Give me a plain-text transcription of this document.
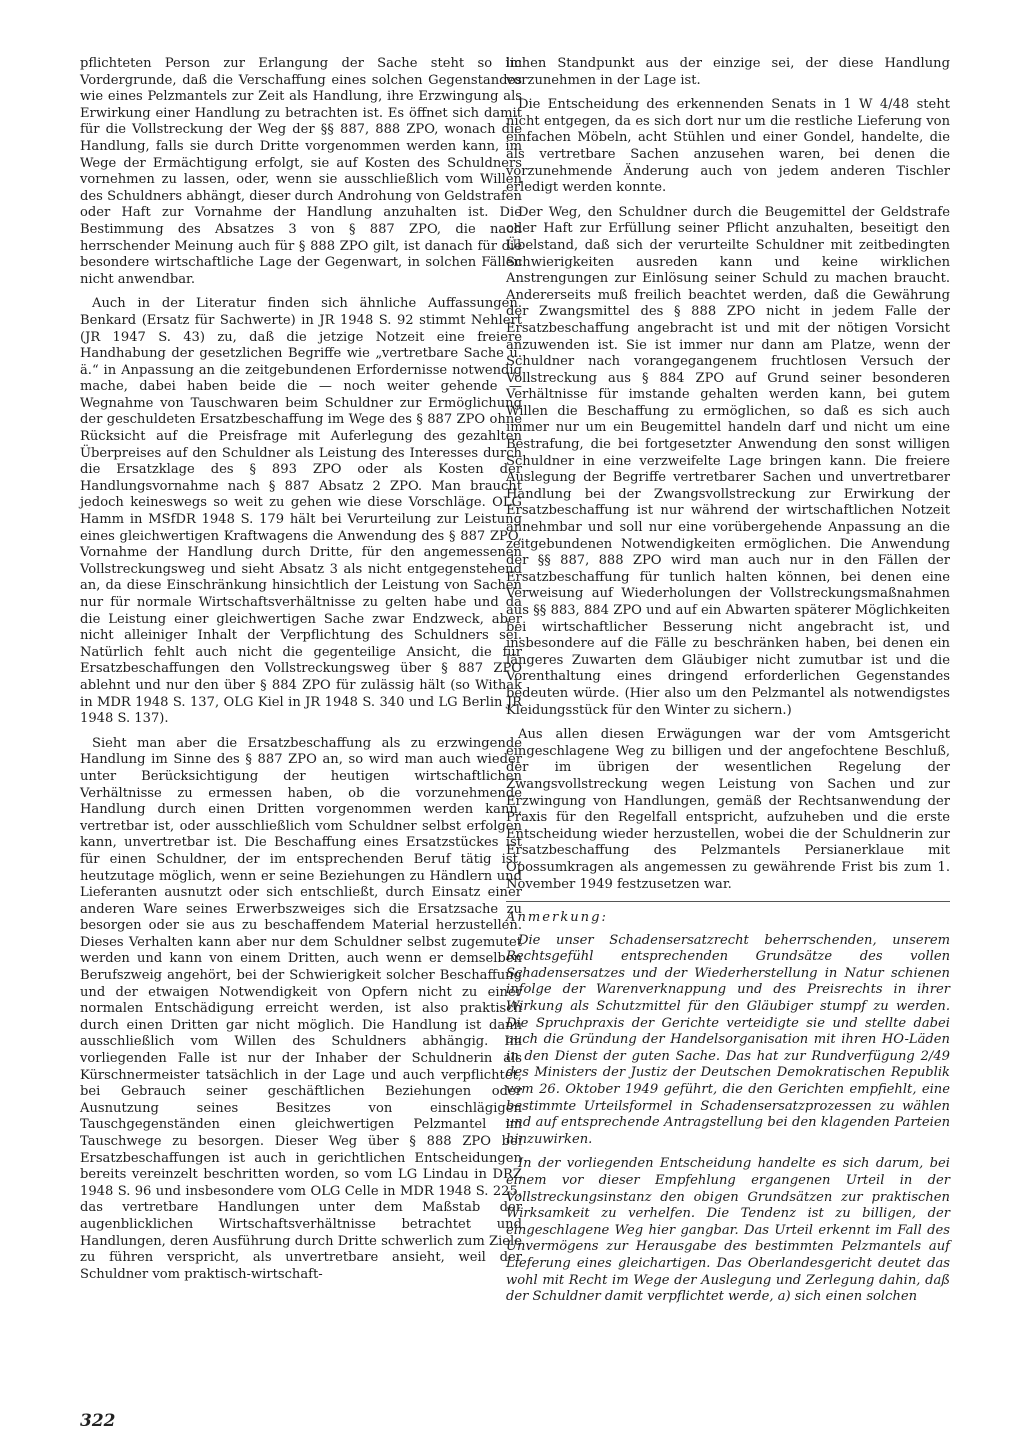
pflichteten Person zur Erlangung der Sache steht so im Vordergrunde, daß die Verschaffung eines solchen Gegenstandes wie eines Pelzmantels zur Zeit als Handlung, ihre Erzwingung als Erwirkung einer Handlung zu betrachten ist. Es öffnet sich damit für die Vollstreckung der Weg der §§ 887, 888 ZPO, wonach die Handlung, falls sie durch Dritte vorgenommen werden kann, im Wege der Ermächtigung erfolgt, sie auf Kosten des Schuldners vornehmen zu lassen, oder, wenn sie ausschließlich vom Willen des Schuldners abhängt, dieser durch Androhung von Geldstrafen oder Haft zur Vornahme der Handlung anzuhalten ist. Die Bestimmung des Absatzes 3 von § 887 ZPO, die nach herrschender Meinung auch für § 888 ZPO gilt, ist danach für die besondere wirtschaftliche Lage der Gegenwart, in solchen Fällen nicht anwendbar.

Auch in der Literatur finden sich ähnliche Auffassungen. Benkard (Ersatz für Sachwerte) in JR 1948 S. 92 stimmt Nehlert (JR 1947 S. 43) zu, daß die jetzige Notzeit eine freiere Handhabung der gesetzlichen Begriffe wie „vertretbare Sache u. ä.“ in Anpassung an die zeitgebundenen Erfordernisse notwendig mache, dabei haben beide die — noch weiter gehende — Wegnahme von Tauschwaren beim Schuldner zur Ermöglichung der geschuldeten Ersatzbeschaffung im Wege des § 887 ZPO ohne Rücksicht auf die Preisfrage mit Auferlegung des gezahlten Überpreises auf den Schuldner als Leistung des Interesses durch die Ersatzklage des § 893 ZPO oder als Kosten der Handlungsvornahme nach § 887 Absatz 2 ZPO. Man braucht jedoch keineswegs so weit zu gehen wie diese Vorschläge. OLG Hamm in MSfDR 1948 S. 179 hält bei Verurteilung zur Leistung eines gleichwertigen Kraftwagens die Anwendung des § 887 ZPO, Vornahme der Handlung durch Dritte, für den angemessenen Vollstreckungsweg und sieht Absatz 3 als nicht entgegenstehend an, da diese Einschränkung hinsichtlich der Leistung von Sachen nur für normale Wirtschaftsverhältnisse zu gelten habe und da die Leistung einer gleichwertigen Sache zwar Endzweck, aber nicht alleiniger Inhalt der Verpflichtung des Schuldners sei. Natürlich fehlt auch nicht die gegenteilige Ansicht, die für Ersatzbeschaffungen den Vollstreckungsweg über § 887 ZPO ablehnt und nur den über § 884 ZPO für zulässig hält (so Withak in MDR 1948 S. 137, OLG Kiel in JR 1948 S. 340 und LG Berlin JR 1948 S. 137).

Sieht man aber die Ersatzbeschaffung als zu erzwingende Handlung im Sinne des § 887 ZPO an, so wird man auch wieder unter Berücksichtigung der heutigen wirtschaftlichen Verhältnisse zu ermessen haben, ob die vorzunehmende Handlung durch einen Dritten vorgenommen werden kann, vertretbar ist, oder ausschließlich vom Schuldner selbst erfolgen kann, unvertretbar ist. Die Beschaffung eines Ersatzstückes ist für einen Schuldner, der im entsprechenden Beruf tätig ist, heutzutage möglich, wenn er seine Beziehungen zu Händlern und Lieferanten ausnutzt oder sich entschließt, durch Einsatz einer anderen Ware seines Erwerbszweiges sich die Ersatzsache zu besorgen oder sie aus zu beschaffendem Material herzustellen. Dieses Verhalten kann aber nur dem Schuldner selbst zugemutet werden und kann von einem Dritten, auch wenn er demselben Berufszweig angehört, bei der Schwierigkeit solcher Beschaffung und der etwaigen Notwendigkeit von Opfern nicht zu einer normalen Entschädigung erreicht werden, ist also praktisch durch einen Dritten gar nicht möglich. Die Handlung ist dann ausschließlich vom Willen des Schuldners abhängig. Im vorliegenden Falle ist nur der Inhaber der Schuldnerin als Kürschnermeister tatsächlich in der Lage und auch verpflichtet, bei Gebrauch seiner geschäftlichen Beziehungen oder Ausnutzung seines Besitzes von einschlägigen Tauschgegenständen einen gleichwertigen Pelzmantel im Tauschwege zu besorgen. Dieser Weg über § 888 ZPO bei Ersatzbeschaffungen ist auch in gerichtlichen Entscheidungen bereits vereinzelt beschritten worden, so vom LG Lindau in DRZ 1948 S. 96 und insbesondere vom OLG Celle in MDR 1948 S. 225, das vertretbare Handlungen unter dem Maßstab der augenblicklichen Wirtschaftsverhältnisse betrachtet und Handlungen, deren Ausführung durch Dritte schwerlich zum Ziele zu führen verspricht, als unvertretbare ansieht, weil der Schuldner vom praktisch-wirtschaft-

lichen Standpunkt aus der einzige sei, der diese Handlung vorzunehmen in der Lage ist.

Die Entscheidung des erkennenden Senats in 1 W 4/48 steht nicht entgegen, da es sich dort nur um die restliche Lieferung von einfachen Möbeln, acht Stühlen und einer Gondel, handelte, die als vertretbare Sachen anzusehen waren, bei denen die vorzunehmende Änderung auch von jedem anderen Tischler erledigt werden konnte.

Der Weg, den Schuldner durch die Beugemittel der Geldstrafe oder Haft zur Erfüllung seiner Pflicht anzuhalten, beseitigt den Übelstand, daß sich der verurteilte Schuldner mit zeitbedingten Schwierigkeiten ausreden kann und keine wirklichen Anstrengungen zur Einlösung seiner Schuld zu machen braucht. Andererseits muß freilich beachtet werden, daß die Gewährung der Zwangsmittel des § 888 ZPO nicht in jedem Falle der Ersatzbeschaffung angebracht ist und mit der nötigen Vorsicht anzuwenden ist. Sie ist immer nur dann am Platze, wenn der Schuldner nach vorangegangenem fruchtlosen Versuch der Vollstreckung aus § 884 ZPO auf Grund seiner besonderen Verhältnisse für imstande gehalten werden kann, bei gutem Willen die Beschaffung zu ermöglichen, so daß es sich auch immer nur um ein Beugemittel handeln darf und nicht um eine Bestrafung, die bei fortgesetzter Anwendung den sonst willigen Schuldner in eine verzweifelte Lage bringen kann. Die freiere Auslegung der Begriffe vertretbarer Sachen und unvertretbarer Handlung bei der Zwangsvollstreckung zur Erwirkung der Ersatzbeschaffung ist nur während der wirtschaftlichen Notzeit annehmbar und soll nur eine vorübergehende Anpassung an die zeitgebundenen Notwendigkeiten ermöglichen. Die Anwendung der §§ 887, 888 ZPO wird man auch nur in den Fällen der Ersatzbeschaffung für tunlich halten können, bei denen eine Verweisung auf Wiederholungen der Vollstreckungsmaßnahmen aus §§ 883, 884 ZPO und auf ein Abwarten späterer Möglichkeiten bei wirtschaftlicher Besserung nicht angebracht ist, und insbesondere auf die Fälle zu beschränken haben, bei denen ein längeres Zuwarten dem Gläubiger nicht zumutbar ist und die Vorenthaltung eines dringend erforderlichen Gegenstandes bedeuten würde. (Hier also um den Pelzmantel als notwendigstes Kleidungsstück für den Winter zu sichern.)

Aus allen diesen Erwägungen war der vom Amtsgericht eingeschlagene Weg zu billigen und der angefochtene Beschluß, der im übrigen der wesentlichen Regelung der Zwangsvollstreckung wegen Leistung von Sachen und zur Erzwingung von Handlungen, gemäß der Rechtsanwendung der Praxis für den Regelfall entspricht, aufzuheben und die erste Entscheidung wieder herzustellen, wobei die der Schuldnerin zur Ersatzbeschaffung des Pelzmantels Persianerklaue mit Opossumkragen als angemessen zu gewährende Frist bis zum 1. November 1949 festzusetzen war.

Anmerkung:

Die unser Schadensersatzrecht beherrschenden, unserem Rechtsgefühl entsprechenden Grundsätze des vollen Schadensersatzes und der Wiederherstellung in Natur schienen infolge der Warenverknappung und des Preisrechts in ihrer Wirkung als Schutzmittel für den Gläubiger stumpf zu werden. Die Spruchpraxis der Gerichte verteidigte sie und stellte dabei auch die Gründung der Handelsorganisation mit ihren HO-Läden in den Dienst der guten Sache. Das hat zur Rundverfügung 2/49 des Ministers der Justiz der Deutschen Demokratischen Republik vom 26. Oktober 1949 geführt, die den Gerichten empfiehlt, eine bestimmte Urteilsformel in Schadensersatzprozessen zu wählen und auf entsprechende Antragstellung bei den klagenden Parteien hinzuwirken.

In der vorliegenden Entscheidung handelte es sich darum, bei einem vor dieser Empfehlung ergangenen Urteil in der Vollstreckungsinstanz den obigen Grundsätzen zur praktischen Wirksamkeit zu verhelfen. Die Tendenz ist zu billigen, der eingeschlagene Weg hier gangbar. Das Urteil erkennt im Fall des Unvermögens zur Herausgabe des bestimmten Pelzmantels auf Lieferung eines gleichartigen. Das Oberlandesgericht deutet das wohl mit Recht im Wege der Auslegung und Zerlegung dahin, daß der Schuldner damit verpflichtet werde, a) sich einen solchen

322
